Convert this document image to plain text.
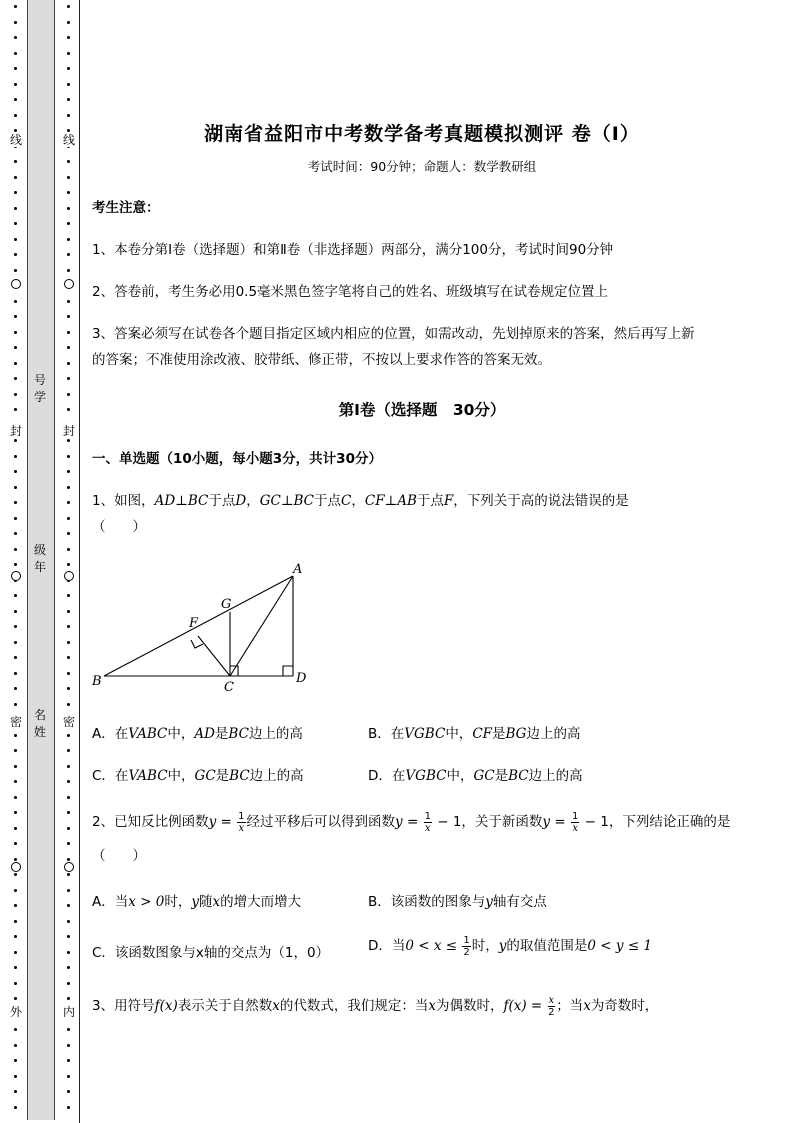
线
封
密
外
线
封
密
内
号
学
级
年
名
姓
湖南省益阳市中考数学备考真题模拟测评 卷（Ⅰ）
考试时间：90分钟；命题人：数学教研组
考生注意：
1、本卷分第Ⅰ卷（选择题）和第Ⅱ卷（非选择题）两部分，满分100分，考试时间90分钟
2、答卷前，考生务必用0.5毫米黑色签字笔将自己的姓名、班级填写在试卷规定位置上
3、答案必须写在试卷各个题目指定区域内相应的位置，如需改动，先划掉原来的答案，然后再写上新
的答案；不准使用涂改液、胶带纸、修正带，不按以上要求作答的答案无效。
第Ⅰ卷（选择题　30分）
一、单选题（10小题，每小题3分，共计30分）
1、如图，AD⊥BC于点D，GC⊥BC于点C，CF⊥AB于点F，下列关于高的说法错误的是
（　　）
A
B	C
D
F
G
A．在VABC中，AD是BC边上的高	B．在VGBC中，CF是BG边上的高
C．在VABC中，GC是BC边上的高	D．在VGBC中，GC是BC边上的高
2、已知反比例函数$y = \frac{1}{x}$ 经过平移后可以得到函数$y = \frac{1}{x} - 1$，关于新函数$y = \frac{1}{x} - 1$，下列结论正确的是
（　　）
A．当x > 0时，y随x的增大而增大	B．该函数的图象与y轴有交点
C．该函数图象与x轴的交点为（1，0）	D．当$0 < x \le \frac{1}{2}$ 时，y的取值范围是0 < y ≤ 1
3、用符号f(x)表示关于自然数x的代数式，我们规定：当x为偶数时，$f(x) = \frac{x}{2}$ ；当x为奇数时，
